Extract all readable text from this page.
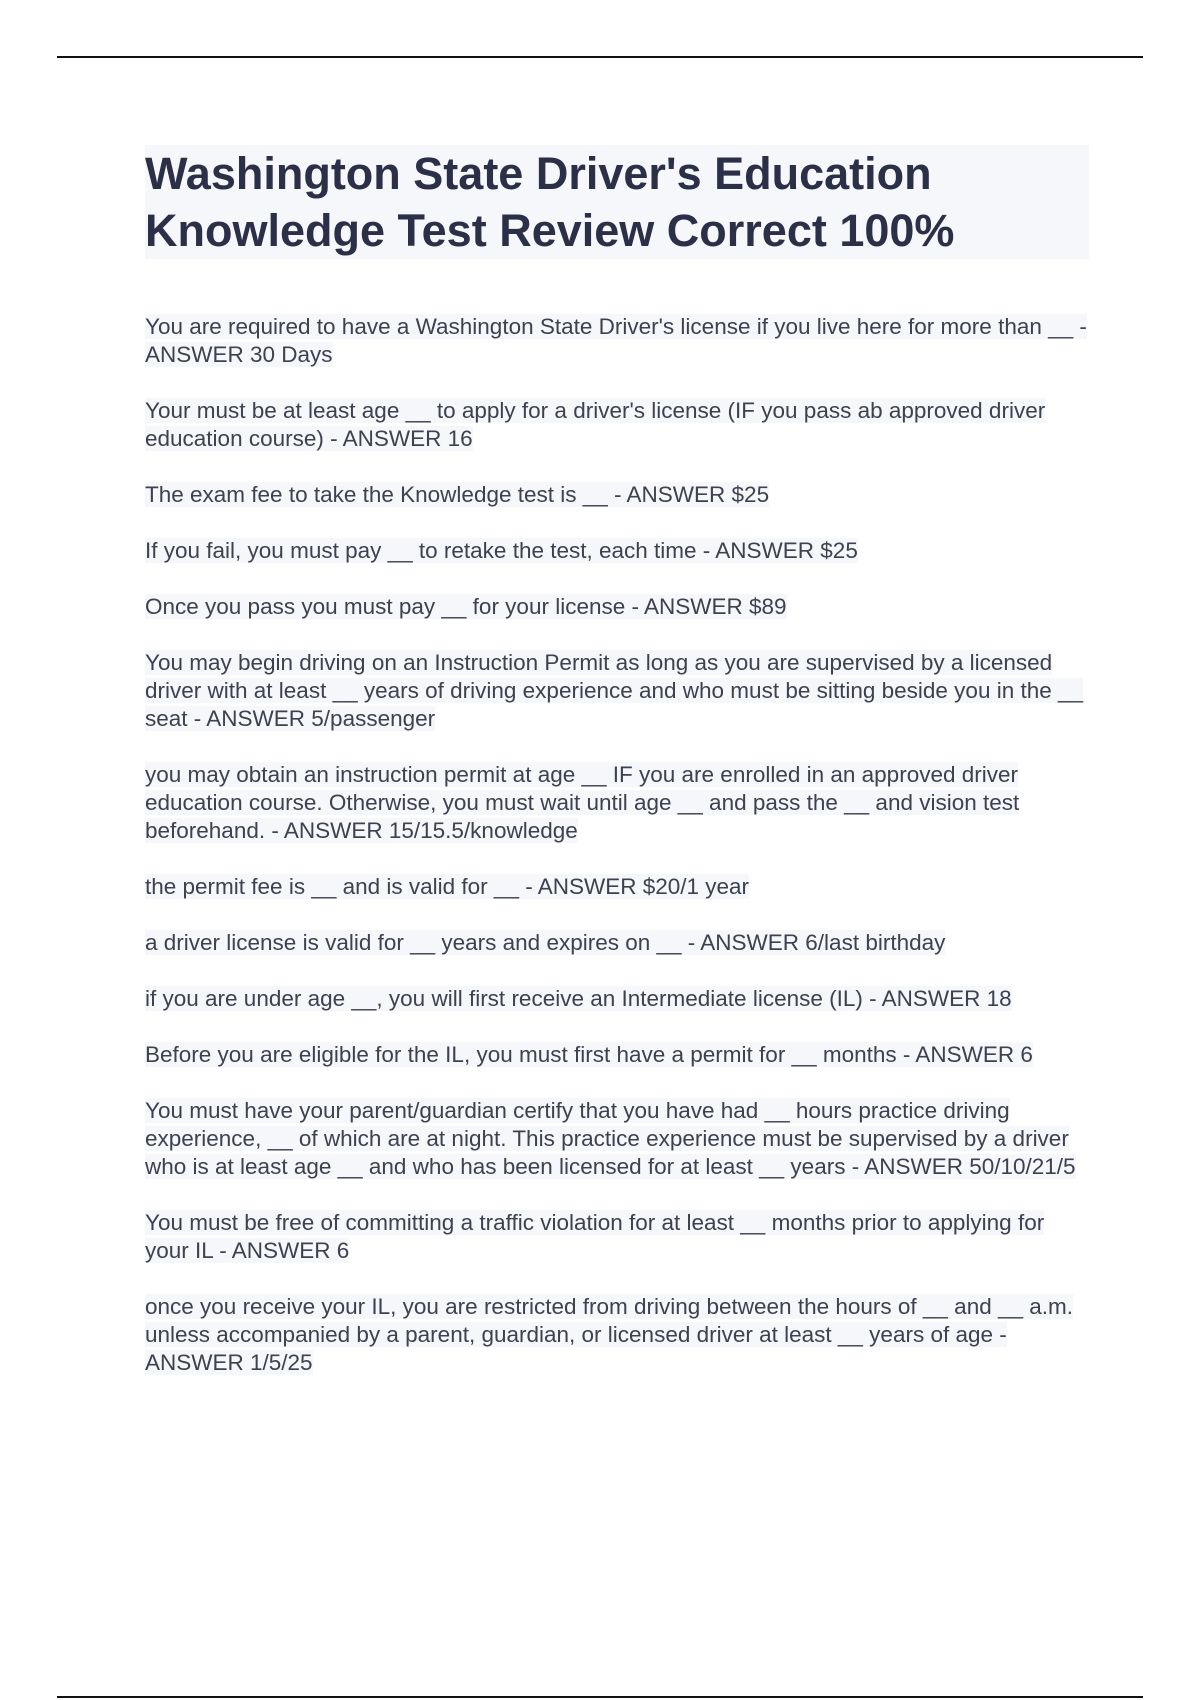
Washington State Driver's Education Knowledge Test Review Correct 100%
You are required to have a Washington State Driver's license if you live here for more than __ - ANSWER 30 Days
Your must be at least age __ to apply for a driver's license (IF you pass ab approved driver education course) - ANSWER 16
The exam fee to take the Knowledge test is __ - ANSWER $25
If you fail, you must pay __ to retake the test, each time - ANSWER $25
Once you pass you must pay __ for your license - ANSWER $89
You may begin driving on an Instruction Permit as long as you are supervised by a licensed driver with at least __ years of driving experience and who must be sitting beside you in the __ seat - ANSWER 5/passenger
you may obtain an instruction permit at age __ IF you are enrolled in an approved driver education course. Otherwise, you must wait until age __ and pass the __ and vision test beforehand. - ANSWER 15/15.5/knowledge
the permit fee is __ and is valid for __ - ANSWER $20/1 year
a driver license is valid for __ years and expires on __ - ANSWER 6/last birthday
if you are under age __, you will first receive an Intermediate license (IL) - ANSWER 18
Before you are eligible for the IL, you must first have a permit for __ months - ANSWER 6
You must have your parent/guardian certify that you have had __ hours practice driving experience, __ of which are at night. This practice experience must be supervised by a driver who is at least age __ and who has been licensed for at least __ years - ANSWER 50/10/21/5
You must be free of committing a traffic violation for at least __ months prior to applying for your IL - ANSWER 6
once you receive your IL, you are restricted from driving between the hours of __ and __ a.m. unless accompanied by a parent, guardian, or licensed driver at least __ years of age - ANSWER 1/5/25
